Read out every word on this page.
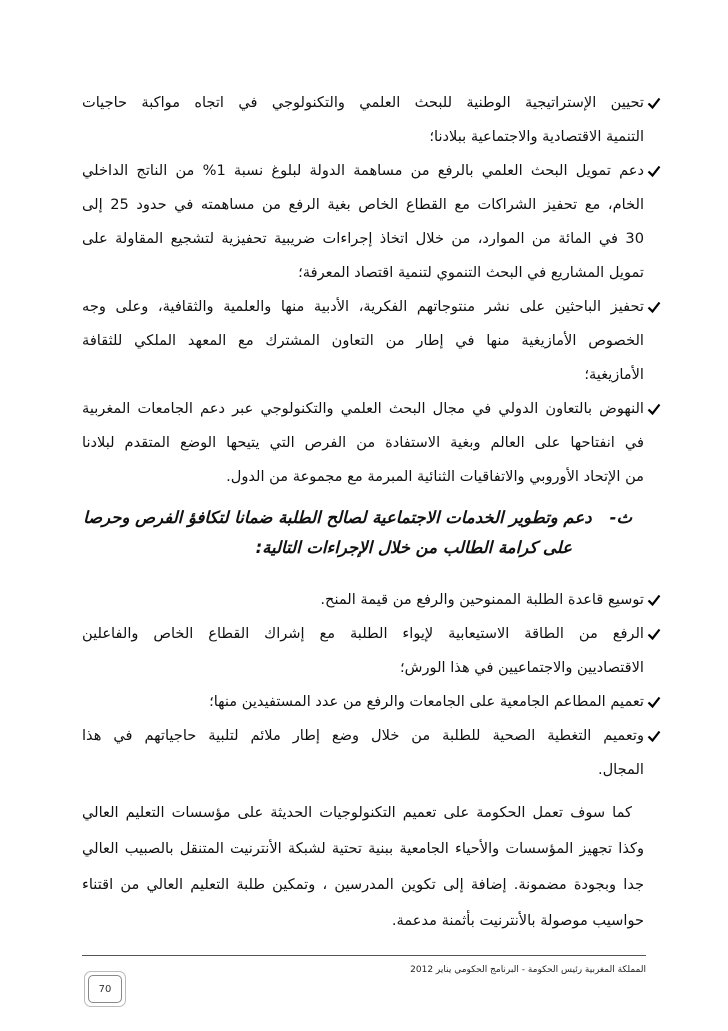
تحيين الإستراتيجية الوطنية للبحث العلمي والتكنولوجي في اتجاه مواكبة حاجيات
التنمية الاقتصادية والاجتماعية ببلادنا؛
دعم تمويل البحث العلمي بالرفع من مساهمة الدولة لبلوغ نسبة 1% من الناتج الداخلي
الخام، مع تحفيز الشراكات مع القطاع الخاص بغية الرفع من مساهمته في حدود 25 إلى
30 في المائة من الموارد، من خلال اتخاذ إجراءات ضريبية تحفيزية لتشجيع المقاولة على
تمويل المشاريع في البحث التنموي لتنمية اقتصاد المعرفة؛
تحفيز الباحثين على نشر منتوجاتهم الفكرية، الأدبية منها والعلمية والثقافية، وعلى وجه
الخصوص الأمازيغية منها في إطار من التعاون المشترك مع المعهد الملكي للثقافة
الأمازيغية؛
النهوض بالتعاون الدولي في مجال البحث العلمي والتكنولوجي عبر دعم الجامعات المغربية
في انفتاحها على العالم وبغية الاستفادة من الفرص التي يتيحها الوضع المتقدم لبلادنا
من الإتحاد الأوروبي والاتفاقيات الثنائية المبرمة مع مجموعة من الدول.
ث-دعم وتطوير الخدمات الاجتماعية لصالح الطلبة ضمانا لتكافؤ الفرص وحرصا
على كرامة الطالب من خلال الإجراءات التالية:
توسيع قاعدة الطلبة الممنوحين والرفع من قيمة المنح.
الرفع من الطاقة الاستيعابية لإيواء الطلبة مع إشراك القطاع الخاص والفاعلين
الاقتصاديين والاجتماعيين في هذا الورش؛
تعميم المطاعم الجامعية على الجامعات والرفع من عدد المستفيدين منها؛
وتعميم التغطية الصحية للطلبة من خلال وضع إطار ملائم لتلبية حاجياتهم في هذا
المجال.
كما سوف تعمل الحكومة على تعميم التكنولوجيات الحديثة على مؤسسات التعليم العالي
وكذا تجهيز المؤسسات والأحياء الجامعية ببنية تحتية لشبكة الأنترنيت المتنقل بالصبيب العالي
جدا وبجودة مضمونة. إضافة إلى تكوين المدرسين ، وتمكين طلبة التعليم العالي من اقتناء
حواسيب موصولة بالأنترنيت بأثمنة مدعمة.
المملكة المغربية رئيس الحكومة - البرنامج الحكومي يناير 2012
70
